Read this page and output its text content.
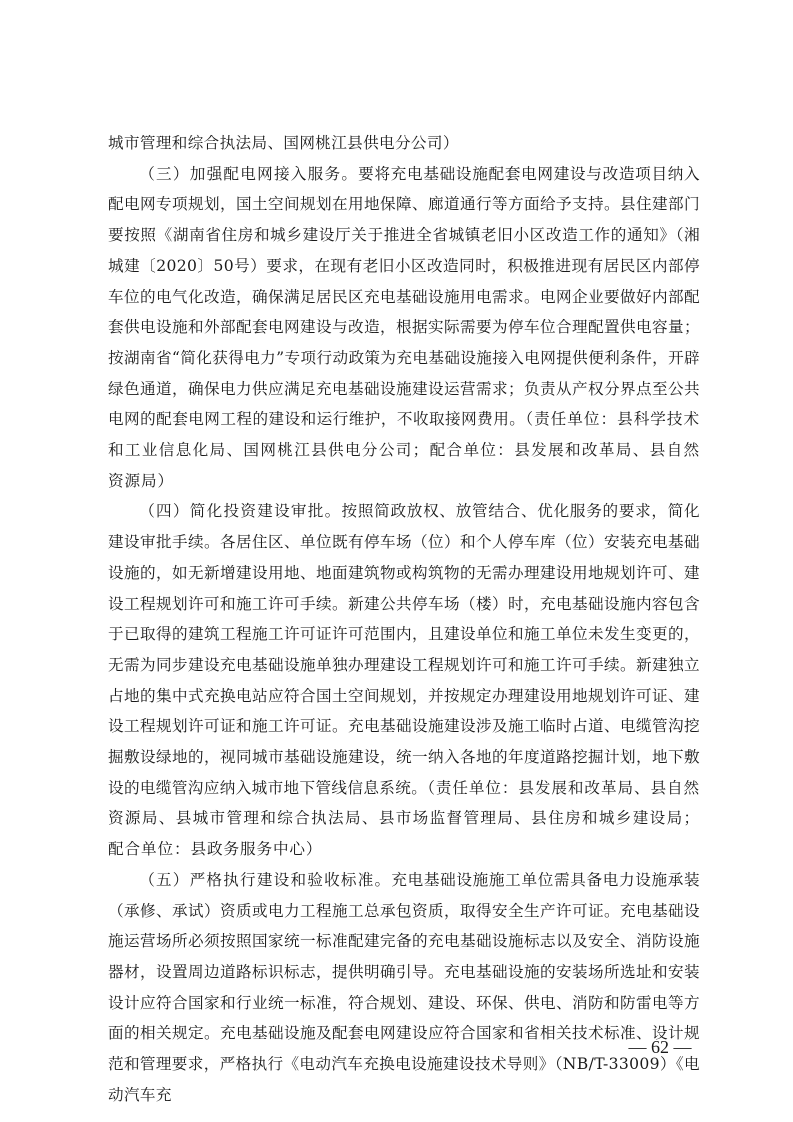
城市管理和综合执法局、国网桃江县供电分公司）

（三）加强配电网接入服务。要将充电基础设施配套电网建设与改造项目纳入配电网专项规划，国土空间规划在用地保障、廊道通行等方面给予支持。县住建部门要按照《湖南省住房和城乡建设厅关于推进全省城镇老旧小区改造工作的通知》（湘城建〔2020〕50号）要求，在现有老旧小区改造同时，积极推进现有居民区内部停车位的电气化改造，确保满足居民区充电基础设施用电需求。电网企业要做好内部配套供电设施和外部配套电网建设与改造，根据实际需要为停车位合理配置供电容量；按湖南省“简化获得电力”专项行动政策为充电基础设施接入电网提供便利条件，开辟绿色通道，确保电力供应满足充电基础设施建设运营需求；负责从产权分界点至公共电网的配套电网工程的建设和运行维护，不收取接网费用。（责任单位：县科学技术和工业信息化局、国网桃江县供电分公司；配合单位：县发展和改革局、县自然资源局）

（四）简化投资建设审批。按照简政放权、放管结合、优化服务的要求，简化建设审批手续。各居住区、单位既有停车场（位）和个人停车库（位）安装充电基础设施的，如无新增建设用地、地面建筑物或构筑物的无需办理建设用地规划许可、建设工程规划许可和施工许可手续。新建公共停车场（楼）时，充电基础设施内容包含于已取得的建筑工程施工许可证许可范围内，且建设单位和施工单位未发生变更的，无需为同步建设充电基础设施单独办理建设工程规划许可和施工许可手续。新建独立占地的集中式充换电站应符合国土空间规划，并按规定办理建设用地规划许可证、建设工程规划许可证和施工许可证。充电基础设施建设涉及施工临时占道、电缆管沟挖掘敷设绿地的，视同城市基础设施建设，统一纳入各地的年度道路挖掘计划，地下敷设的电缆管沟应纳入城市地下管线信息系统。（责任单位：县发展和改革局、县自然资源局、县城市管理和综合执法局、县市场监督管理局、县住房和城乡建设局；配合单位：县政务服务中心）

（五）严格执行建设和验收标准。充电基础设施施工单位需具备电力设施承装（承修、承试）资质或电力工程施工总承包资质，取得安全生产许可证。充电基础设施运营场所必须按照国家统一标准配建完备的充电基础设施标志以及安全、消防设施器材，设置周边道路标识标志，提供明确引导。充电基础设施的安装场所选址和安装设计应符合国家和行业统一标准，符合规划、建设、环保、供电、消防和防雷电等方面的相关规定。充电基础设施及配套电网建设应符合国家和省相关技术标准、设计规范和管理要求，严格执行《电动汽车充换电设施建设技术导则》（NB/T-33009）《电动汽车充

— 62 —
